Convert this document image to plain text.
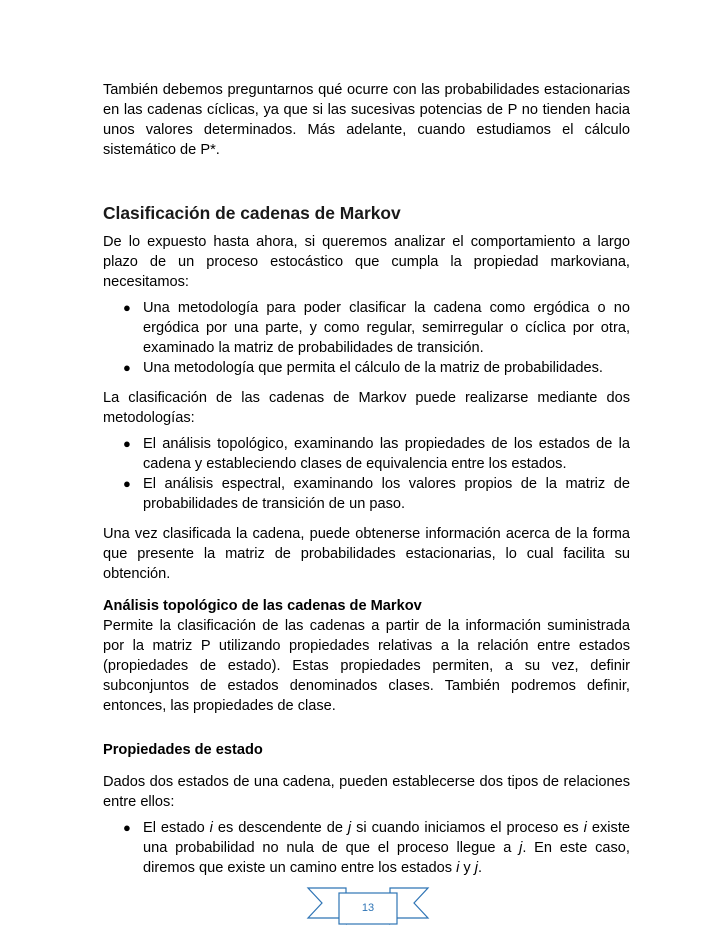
También debemos preguntarnos qué ocurre con las probabilidades estacionarias en las cadenas cíclicas, ya que si las sucesivas potencias de P no tienden hacia unos valores determinados. Más adelante, cuando estudiamos el cálculo sistemático de P*.

Clasificación de cadenas de Markov

De lo expuesto hasta ahora, si queremos analizar el comportamiento a largo plazo de un proceso estocástico que cumpla la propiedad markoviana, necesitamos:

● Una metodología para poder clasificar la cadena como ergódica o no ergódica por una parte, y como regular, semirregular o cíclica por otra, examinado la matriz de probabilidades de transición.
● Una metodología que permita el cálculo de la matriz de probabilidades.

La clasificación de las cadenas de Markov puede realizarse mediante dos metodologías:

● El análisis topológico, examinando las propiedades de los estados de la cadena y estableciendo clases de equivalencia entre los estados.
● El análisis espectral, examinando los valores propios de la matriz de probabilidades de transición de un paso.

Una vez clasificada la cadena, puede obtenerse información acerca de la forma que presente la matriz de probabilidades estacionarias, lo cual facilita su obtención.

Análisis topológico de las cadenas de Markov

Permite la clasificación de las cadenas a partir de la información suministrada por la matriz P utilizando propiedades relativas a la relación entre estados (propiedades de estado). Estas propiedades permiten, a su vez, definir subconjuntos de estados denominados clases. También podremos definir, entonces, las propiedades de clase.

Propiedades de estado

Dados dos estados de una cadena, pueden establecerse dos tipos de relaciones entre ellos:

● El estado i es descendente de j si cuando iniciamos el proceso es i existe una probabilidad no nula de que el proceso llegue a j. En este caso, diremos que existe un camino entre los estados i y j.
13
